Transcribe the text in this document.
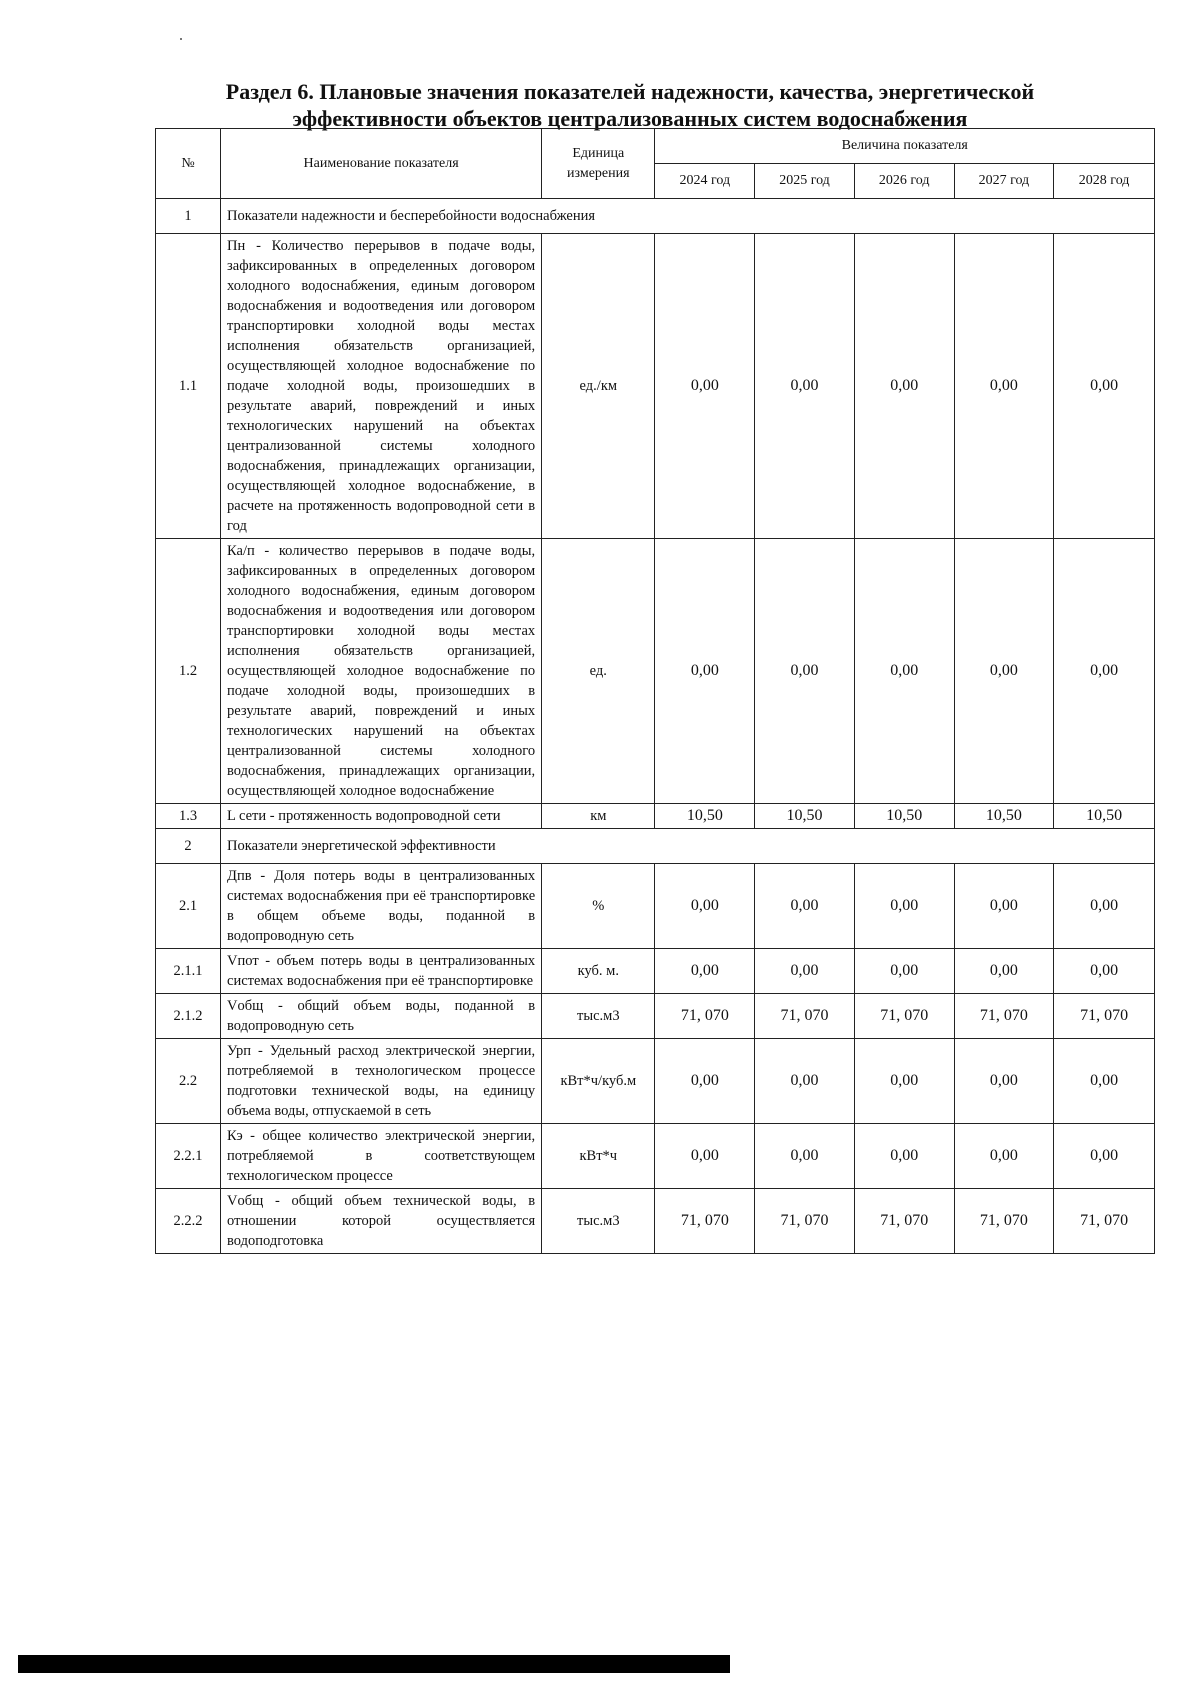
Раздел 6. Плановые значения показателей надежности, качества, энергетической эффективности объектов централизованных систем водоснабжения
№	Наименование показателя	Единица измерения	Величина показателя				
			2024 год	2025 год	2026 год	2027 год	2028 год
1	Показатели надежности и бесперебойности водоснабжения						
1.1	Пн - Количество перерывов в подаче воды, зафиксированных в определенных договором холодного водоснабжения, единым договором водоснабжения и водоотведения или договором транспортировки холодной воды местах исполнения обязательств организацией, осуществляющей холодное водоснабжение по подаче холодной воды, произошедших в результате аварий, повреждений и иных технологических нарушений на объектах централизованной системы холодного водоснабжения, принадлежащих организации, осуществляющей холодное водоснабжение, в расчете на протяженность водопроводной сети в год	ед./км	0,00	0,00	0,00	0,00	0,00
1.2	Ка/п - количество перерывов в подаче воды, зафиксированных в определенных договором холодного водоснабжения, единым договором водоснабжения и водоотведения или договором транспортировки холодной воды местах исполнения обязательств организацией, осуществляющей холодное водоснабжение по подаче холодной воды, произошедших в результате аварий, повреждений и иных технологических нарушений на объектах централизованной системы холодного водоснабжения, принадлежащих организации, осуществляющей холодное водоснабжение	ед.	0,00	0,00	0,00	0,00	0,00
1.3	L сети - протяженность водопроводной сети	км	10,50	10,50	10,50	10,50	10,50
2	Показатели энергетической эффективности						
2.1	Дпв - Доля потерь воды в централизованных системах водоснабжения при её транспортировке в общем объеме воды, поданной в водопроводную сеть	%	0,00	0,00	0,00	0,00	0,00
2.1.1	Vпот - объем потерь воды в централизованных системах водоснабжения при её транспортировке	куб. м.	0,00	0,00	0,00	0,00	0,00
2.1.2	Vобщ - общий объем воды, поданной в водопроводную сеть	тыс.м3	71, 070	71, 070	71, 070	71, 070	71, 070
2.2	Урп - Удельный расход электрической энергии, потребляемой в технологическом процессе подготовки технической воды, на единицу объема воды, отпускаемой в сеть	кВт*ч/куб.м	0,00	0,00	0,00	0,00	0,00
2.2.1	Кэ - общее количество электрической энергии, потребляемой в соответствующем технологическом процессе	кВт*ч	0,00	0,00	0,00	0,00	0,00
2.2.2	Vобщ - общий объем технической воды, в отношении которой осуществляется водоподготовка	тыс.м3	71, 070	71, 070	71, 070	71, 070	71, 070
